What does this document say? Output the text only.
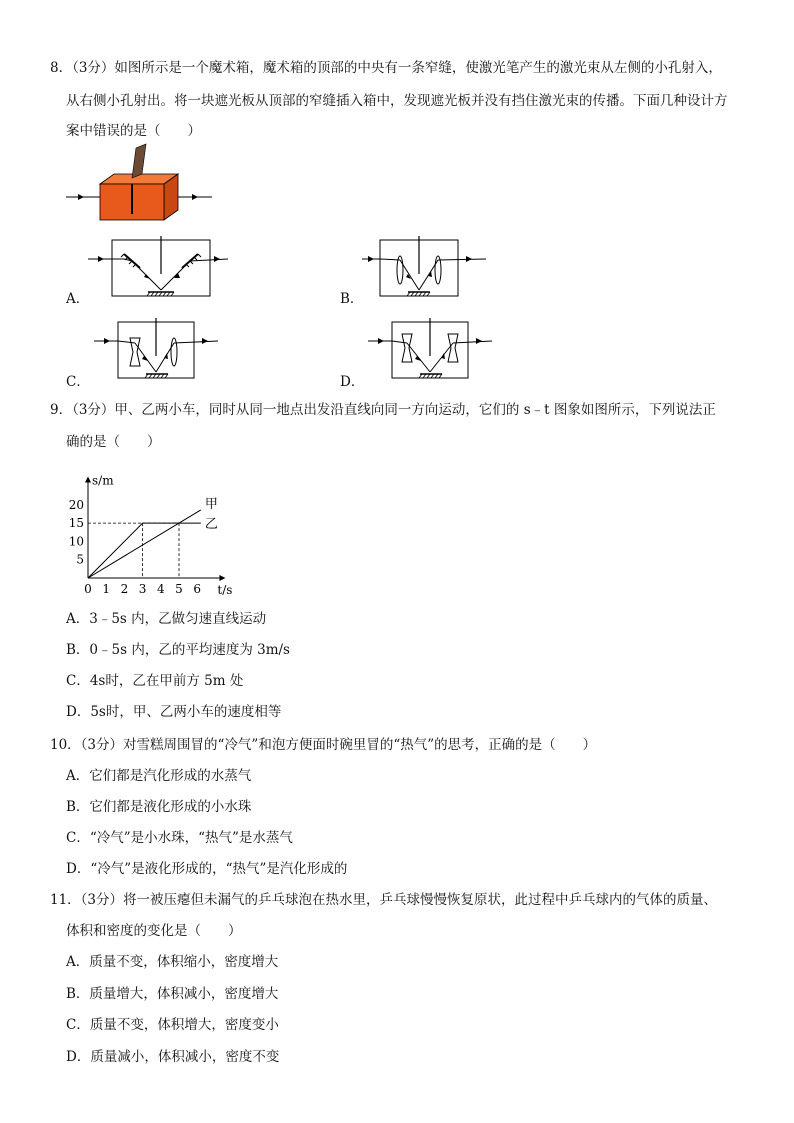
8．（3分）如图所示是一个魔术箱，魔术箱的顶部的中央有一条窄缝，使激光笔产生的激光束从左侧的小孔射入，
从右侧小孔射出。将一块遮光板从顶部的窄缝插入箱中，发现遮光板并没有挡住激光束的传播。下面几种设计方
案中错误的是（　　）
A．	B．
C．	D．
9．（3分）甲、乙两小车，同时从同一地点出发沿直线向同一方向运动，它们的 s﹣t 图象如图所示，下列说法正
确的是（　　）
0 1 2 3 4 5 6
5
10
15
20
s/m
t/s
甲
乙
A．3﹣5s 内，乙做匀速直线运动
B．0﹣5s 内，乙的平均速度为 3m/s
C．4s时，乙在甲前方 5m 处
D．5s时，甲、乙两小车的速度相等
10．（3分）对雪糕周围冒的“冷气”和泡方便面时碗里冒的“热气”的思考，正确的是（　　）
A．它们都是汽化形成的水蒸气
B．它们都是液化形成的小水珠
C．“冷气”是小水珠，“热气”是水蒸气
D．“冷气”是液化形成的，“热气”是汽化形成的
11．（3分）将一被压瘪但未漏气的乒乓球泡在热水里，乒乓球慢慢恢复原状，此过程中乒乓球内的气体的质量、
体积和密度的变化是（　　）
A．质量不变，体积缩小，密度增大
B．质量增大，体积减小，密度增大
C．质量不变，体积增大，密度变小
D．质量减小，体积减小，密度不变
